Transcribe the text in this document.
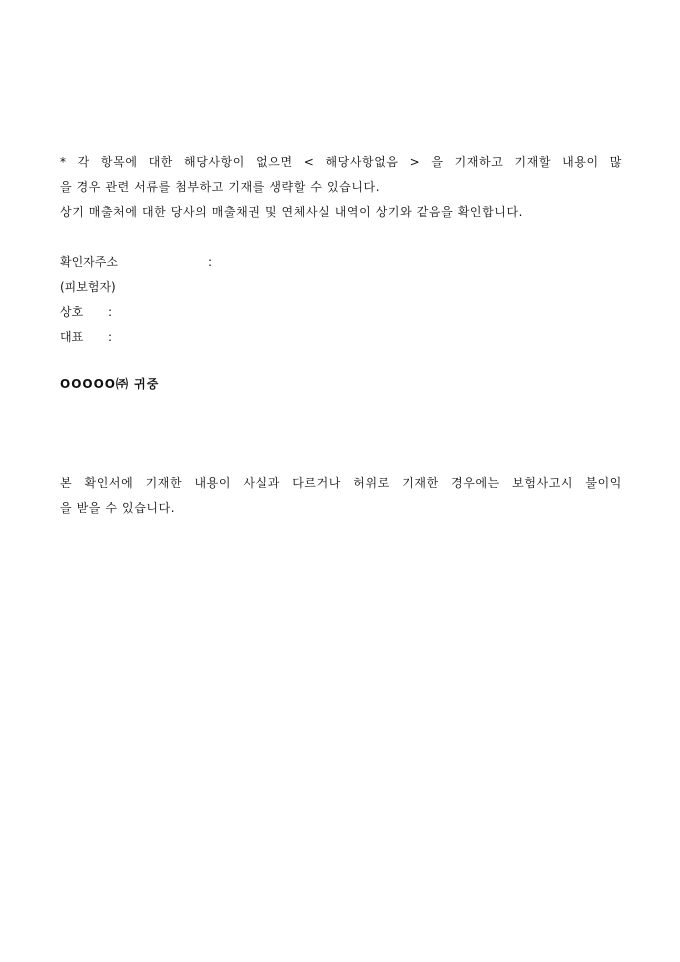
* 각 항목에 대한 해당사항이 없으면 < 해당사항없음 > 을 기재하고 기재할 내용이 많
을 경우 관련 서류를 첨부하고 기재를 생략할 수 있습니다.
상기 매출처에 대한 당사의 매출채권 및 연체사실 내역이 상기와 같음을 확인합니다.
확인자주소	:
(피보험자)
상호 :
대표 :
OOOOO㈜ 귀중
본 확인서에 기재한 내용이 사실과 다르거나 허위로 기재한 경우에는 보험사고시 불이익
을 받을 수 있습니다.
